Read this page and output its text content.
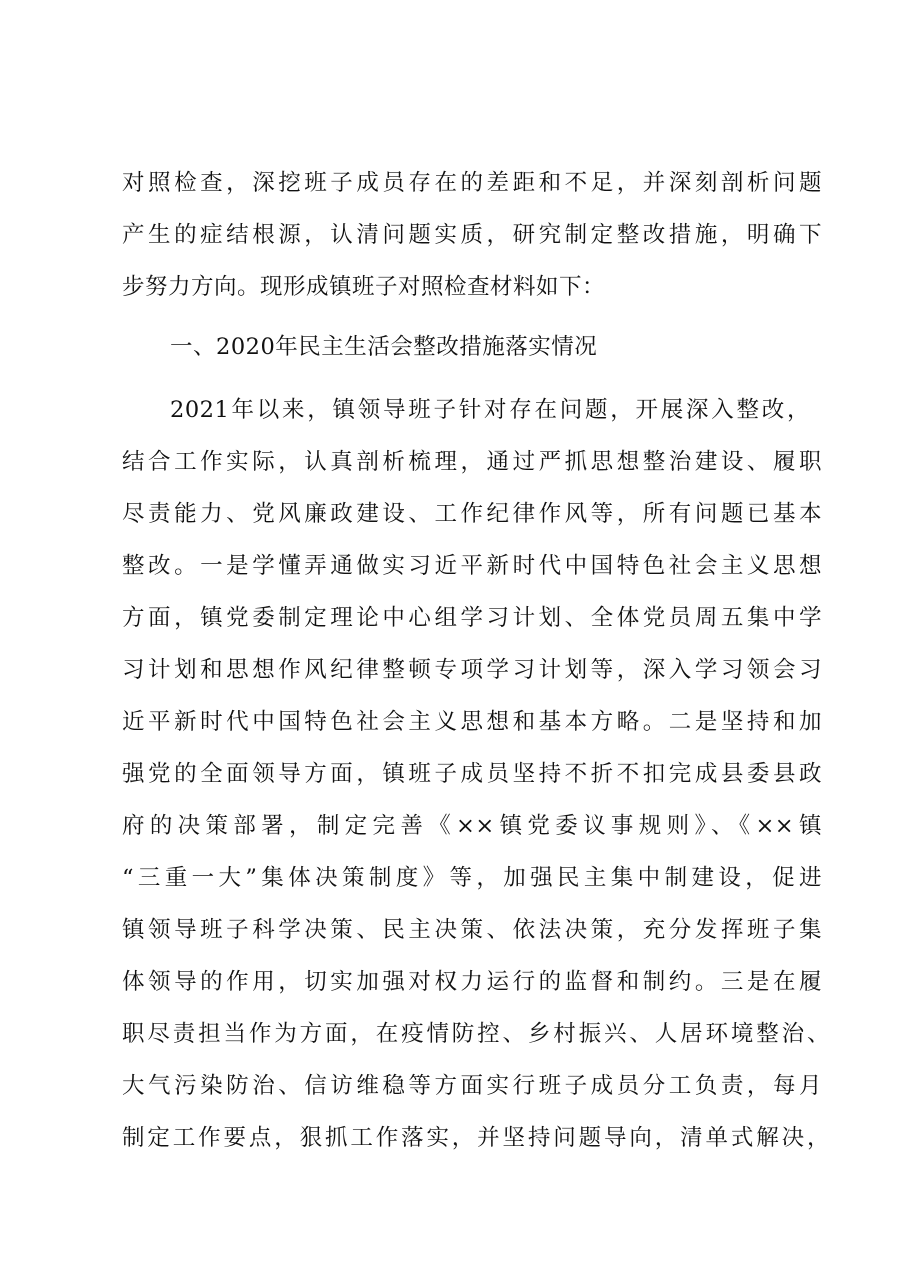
对照检查，深挖班子成员存在的差距和不足，并深刻剖析问题
产生的症结根源，认清问题实质，研究制定整改措施，明确下
步努力方向。现形成镇班子对照检查材料如下：
一、2020年民主生活会整改措施落实情况
2021年以来，镇领导班子针对存在问题，开展深入整改，
结合工作实际，认真剖析梳理，通过严抓思想整治建设、履职
尽责能力、党风廉政建设、工作纪律作风等，所有问题已基本
整改。一是学懂弄通做实习近平新时代中国特色社会主义思想
方面，镇党委制定理论中心组学习计划、全体党员周五集中学
习计划和思想作风纪律整顿专项学习计划等，深入学习领会习
近平新时代中国特色社会主义思想和基本方略。二是坚持和加
强党的全面领导方面，镇班子成员坚持不折不扣完成县委县政
府的决策部署，制定完善《××镇党委议事规则》、《××镇
“三重一大”集体决策制度》等，加强民主集中制建设，促进
镇领导班子科学决策、民主决策、依法决策，充分发挥班子集
体领导的作用，切实加强对权力运行的监督和制约。三是在履
职尽责担当作为方面，在疫情防控、乡村振兴、人居环境整治、
大气污染防治、信访维稳等方面实行班子成员分工负责，每月
制定工作要点，狠抓工作落实，并坚持问题导向，清单式解决，
